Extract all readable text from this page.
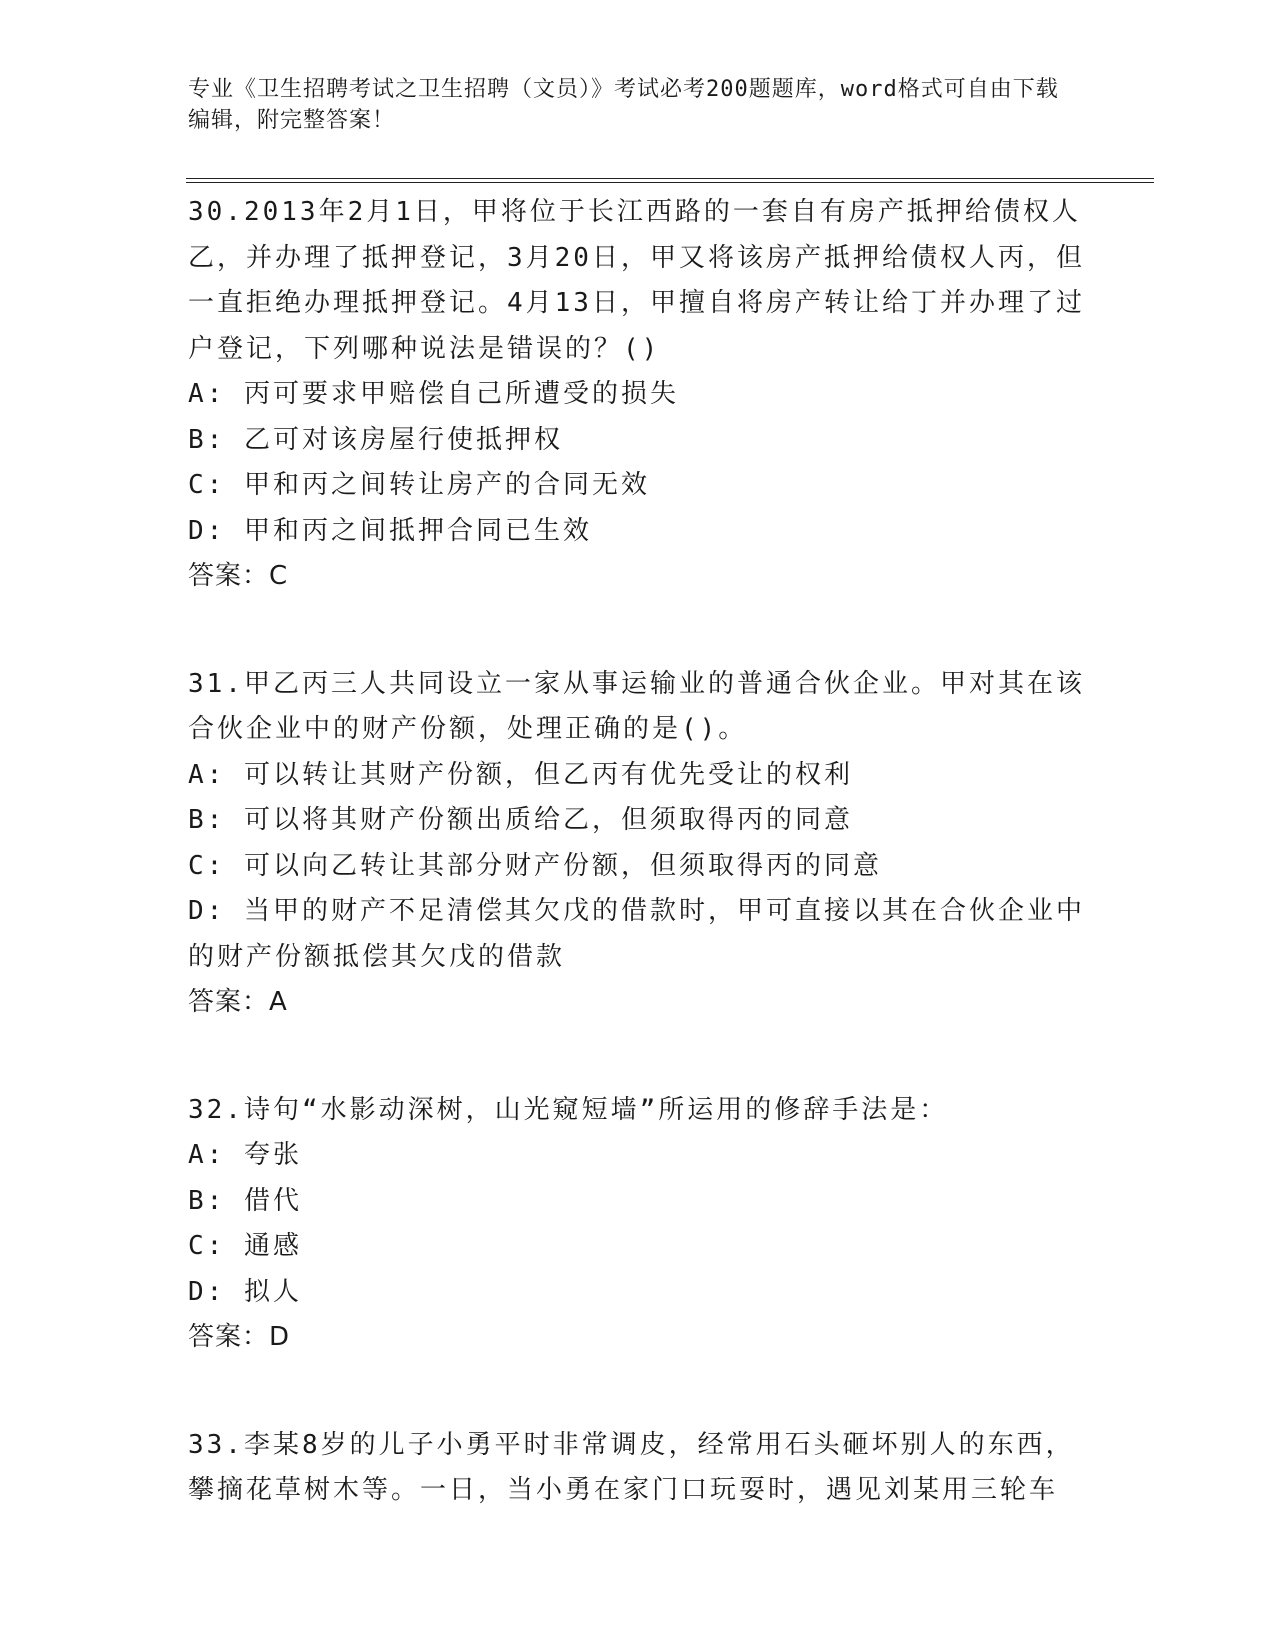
专业《卫生招聘考试之卫生招聘（文员）》考试必考200题题库，word格式可自由下载编辑，附完整答案！
30.2013年2月1日，甲将位于长江西路的一套自有房产抵押给债权人乙，并办理了抵押登记，3月20日，甲又将该房产抵押给债权人丙，但一直拒绝办理抵押登记。4月13日，甲擅自将房产转让给丁并办理了过户登记，下列哪种说法是错误的？()
A: 丙可要求甲赔偿自己所遭受的损失
B: 乙可对该房屋行使抵押权
C: 甲和丙之间转让房产的合同无效
D: 甲和丙之间抵押合同已生效
答案：C
31.甲乙丙三人共同设立一家从事运输业的普通合伙企业。甲对其在该合伙企业中的财产份额，处理正确的是()。
A: 可以转让其财产份额，但乙丙有优先受让的权利
B: 可以将其财产份额出质给乙，但须取得丙的同意
C: 可以向乙转让其部分财产份额，但须取得丙的同意
D: 当甲的财产不足清偿其欠戊的借款时，甲可直接以其在合伙企业中的财产份额抵偿其欠戊的借款
答案：A
32.诗句“水影动深树，山光窥短墙”所运用的修辞手法是：
A: 夸张
B: 借代
C: 通感
D: 拟人
答案：D
33.李某8岁的儿子小勇平时非常调皮，经常用石头砸坏别人的东西，攀摘花草树木等。一日，当小勇在家门口玩耍时，遇见刘某用三轮车
